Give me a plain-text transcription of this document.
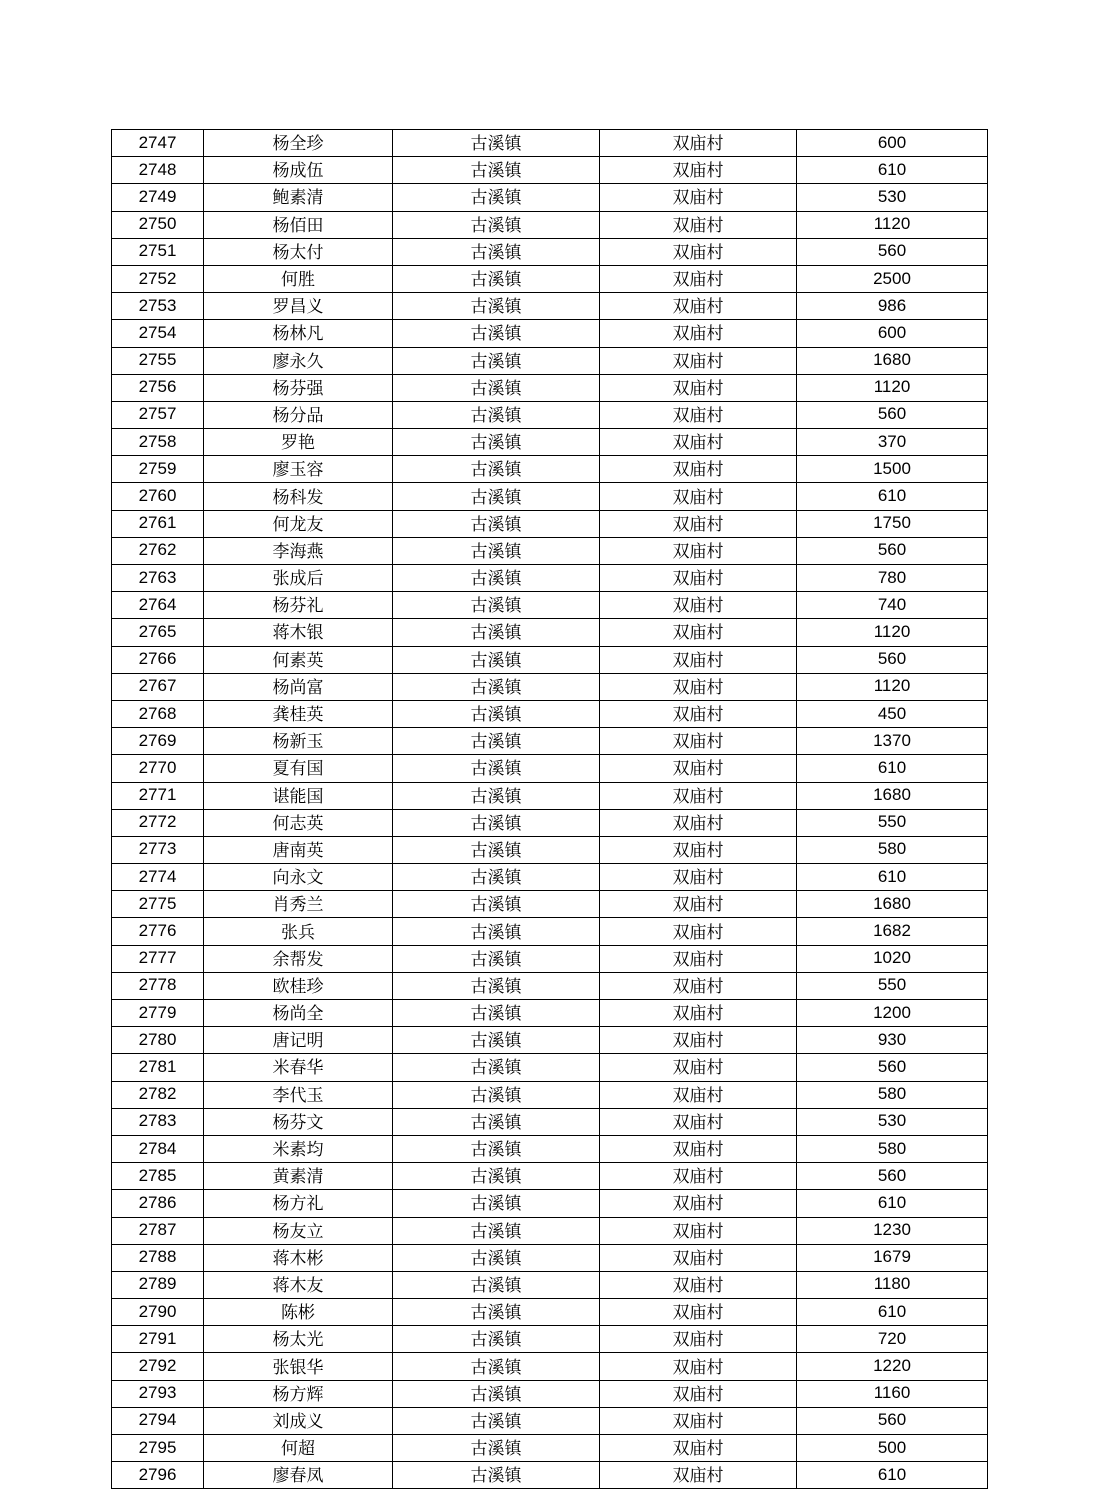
2747	杨全珍	古溪镇	双庙村	600
2748	杨成伍	古溪镇	双庙村	610
2749	鲍素清	古溪镇	双庙村	530
2750	杨佰田	古溪镇	双庙村	1120
2751	杨太付	古溪镇	双庙村	560
2752	何胜	古溪镇	双庙村	2500
2753	罗昌义	古溪镇	双庙村	986
2754	杨林凡	古溪镇	双庙村	600
2755	廖永久	古溪镇	双庙村	1680
2756	杨芬强	古溪镇	双庙村	1120
2757	杨分品	古溪镇	双庙村	560
2758	罗艳	古溪镇	双庙村	370
2759	廖玉容	古溪镇	双庙村	1500
2760	杨科发	古溪镇	双庙村	610
2761	何龙友	古溪镇	双庙村	1750
2762	李海燕	古溪镇	双庙村	560
2763	张成后	古溪镇	双庙村	780
2764	杨芬礼	古溪镇	双庙村	740
2765	蒋木银	古溪镇	双庙村	1120
2766	何素英	古溪镇	双庙村	560
2767	杨尚富	古溪镇	双庙村	1120
2768	龚桂英	古溪镇	双庙村	450
2769	杨新玉	古溪镇	双庙村	1370
2770	夏有国	古溪镇	双庙村	610
2771	谌能国	古溪镇	双庙村	1680
2772	何志英	古溪镇	双庙村	550
2773	唐南英	古溪镇	双庙村	580
2774	向永文	古溪镇	双庙村	610
2775	肖秀兰	古溪镇	双庙村	1680
2776	张兵	古溪镇	双庙村	1682
2777	余帮发	古溪镇	双庙村	1020
2778	欧桂珍	古溪镇	双庙村	550
2779	杨尚全	古溪镇	双庙村	1200
2780	唐记明	古溪镇	双庙村	930
2781	米春华	古溪镇	双庙村	560
2782	李代玉	古溪镇	双庙村	580
2783	杨芬文	古溪镇	双庙村	530
2784	米素均	古溪镇	双庙村	580
2785	黄素清	古溪镇	双庙村	560
2786	杨方礼	古溪镇	双庙村	610
2787	杨友立	古溪镇	双庙村	1230
2788	蒋木彬	古溪镇	双庙村	1679
2789	蒋木友	古溪镇	双庙村	1180
2790	陈彬	古溪镇	双庙村	610
2791	杨太光	古溪镇	双庙村	720
2792	张银华	古溪镇	双庙村	1220
2793	杨方辉	古溪镇	双庙村	1160
2794	刘成义	古溪镇	双庙村	560
2795	何超	古溪镇	双庙村	500
2796	廖春凤	古溪镇	双庙村	610
